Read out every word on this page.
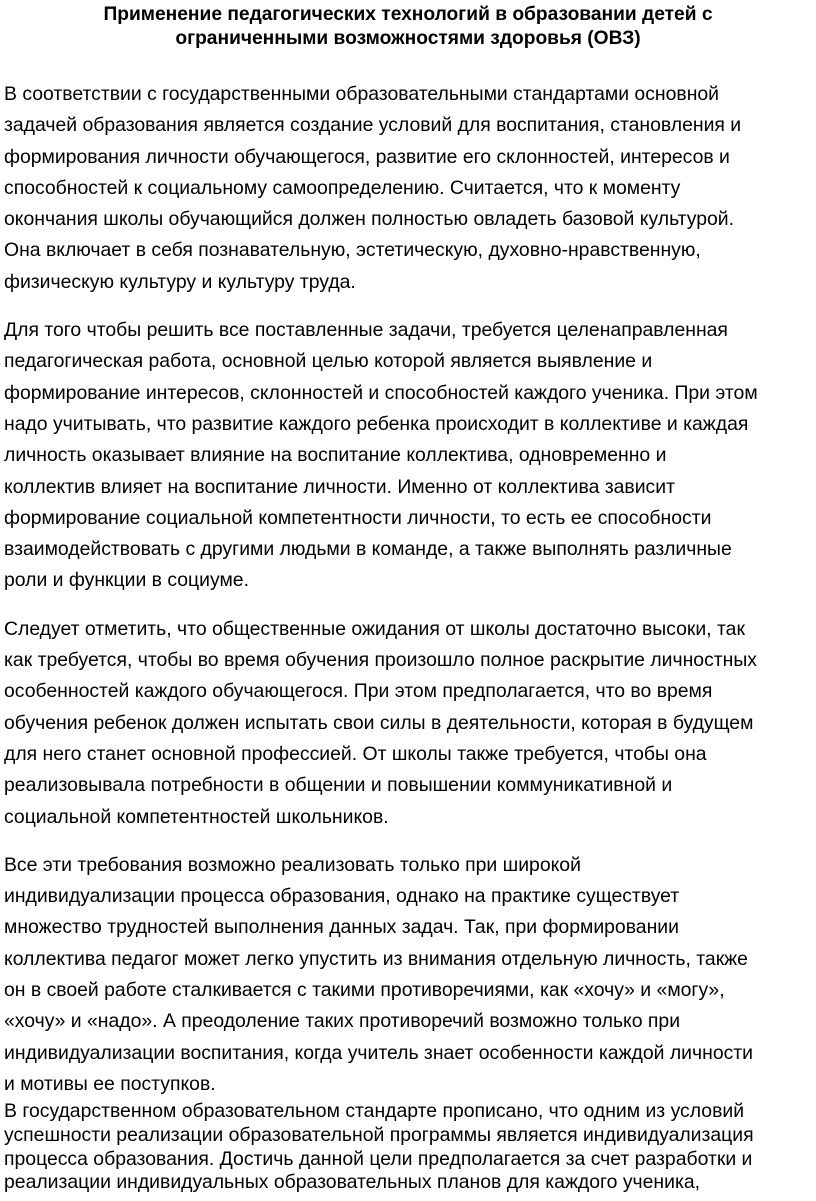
Применение педагогических технологий в образовании детей с
ограниченными возможностями здоровья (ОВЗ)

В соответствии с государственными образовательными стандартами основной
задачей образования является создание условий для воспитания, становления и
формирования личности обучающегося, развитие его склонностей, интересов и
способностей к социальному самоопределению. Считается, что к моменту
окончания школы обучающийся должен полностью овладеть базовой культурой.
Она включает в себя познавательную, эстетическую, духовно-нравственную,
физическую культуру и культуру труда.

Для того чтобы решить все поставленные задачи, требуется целенаправленная
педагогическая работа, основной целью которой является выявление и
формирование интересов, склонностей и способностей каждого ученика. При этом
надо учитывать, что развитие каждого ребенка происходит в коллективе и каждая
личность оказывает влияние на воспитание коллектива, одновременно и
коллектив влияет на воспитание личности. Именно от коллектива зависит
формирование социальной компетентности личности, то есть ее способности
взаимодействовать с другими людьми в команде, а также выполнять различные
роли и функции в социуме.

Следует отметить, что общественные ожидания от школы достаточно высоки, так
как требуется, чтобы во время обучения произошло полное раскрытие личностных
особенностей каждого обучающегося. При этом предполагается, что во время
обучения ребенок должен испытать свои силы в деятельности, которая в будущем
для него станет основной профессией. От школы также требуется, чтобы она
реализовывала потребности в общении и повышении коммуникативной и
социальной компетентностей школьников.

Все эти требования возможно реализовать только при широкой
индивидуализации процесса образования, однако на практике существует
множество трудностей выполнения данных задач. Так, при формировании
коллектива педагог может легко упустить из внимания отдельную личность, также
он в своей работе сталкивается с такими противоречиями, как «хочу» и «могу»,
«хочу» и «надо». А преодоление таких противоречий возможно только при
индивидуализации воспитания, когда учитель знает особенности каждой личности
и мотивы ее поступков.

В государственном образовательном стандарте прописано, что одним из условий
успешности реализации образовательной программы является индивидуализация
процесса образования. Достичь данной цели предполагается за счет разработки и
реализации индивидуальных образовательных планов для каждого ученика,
